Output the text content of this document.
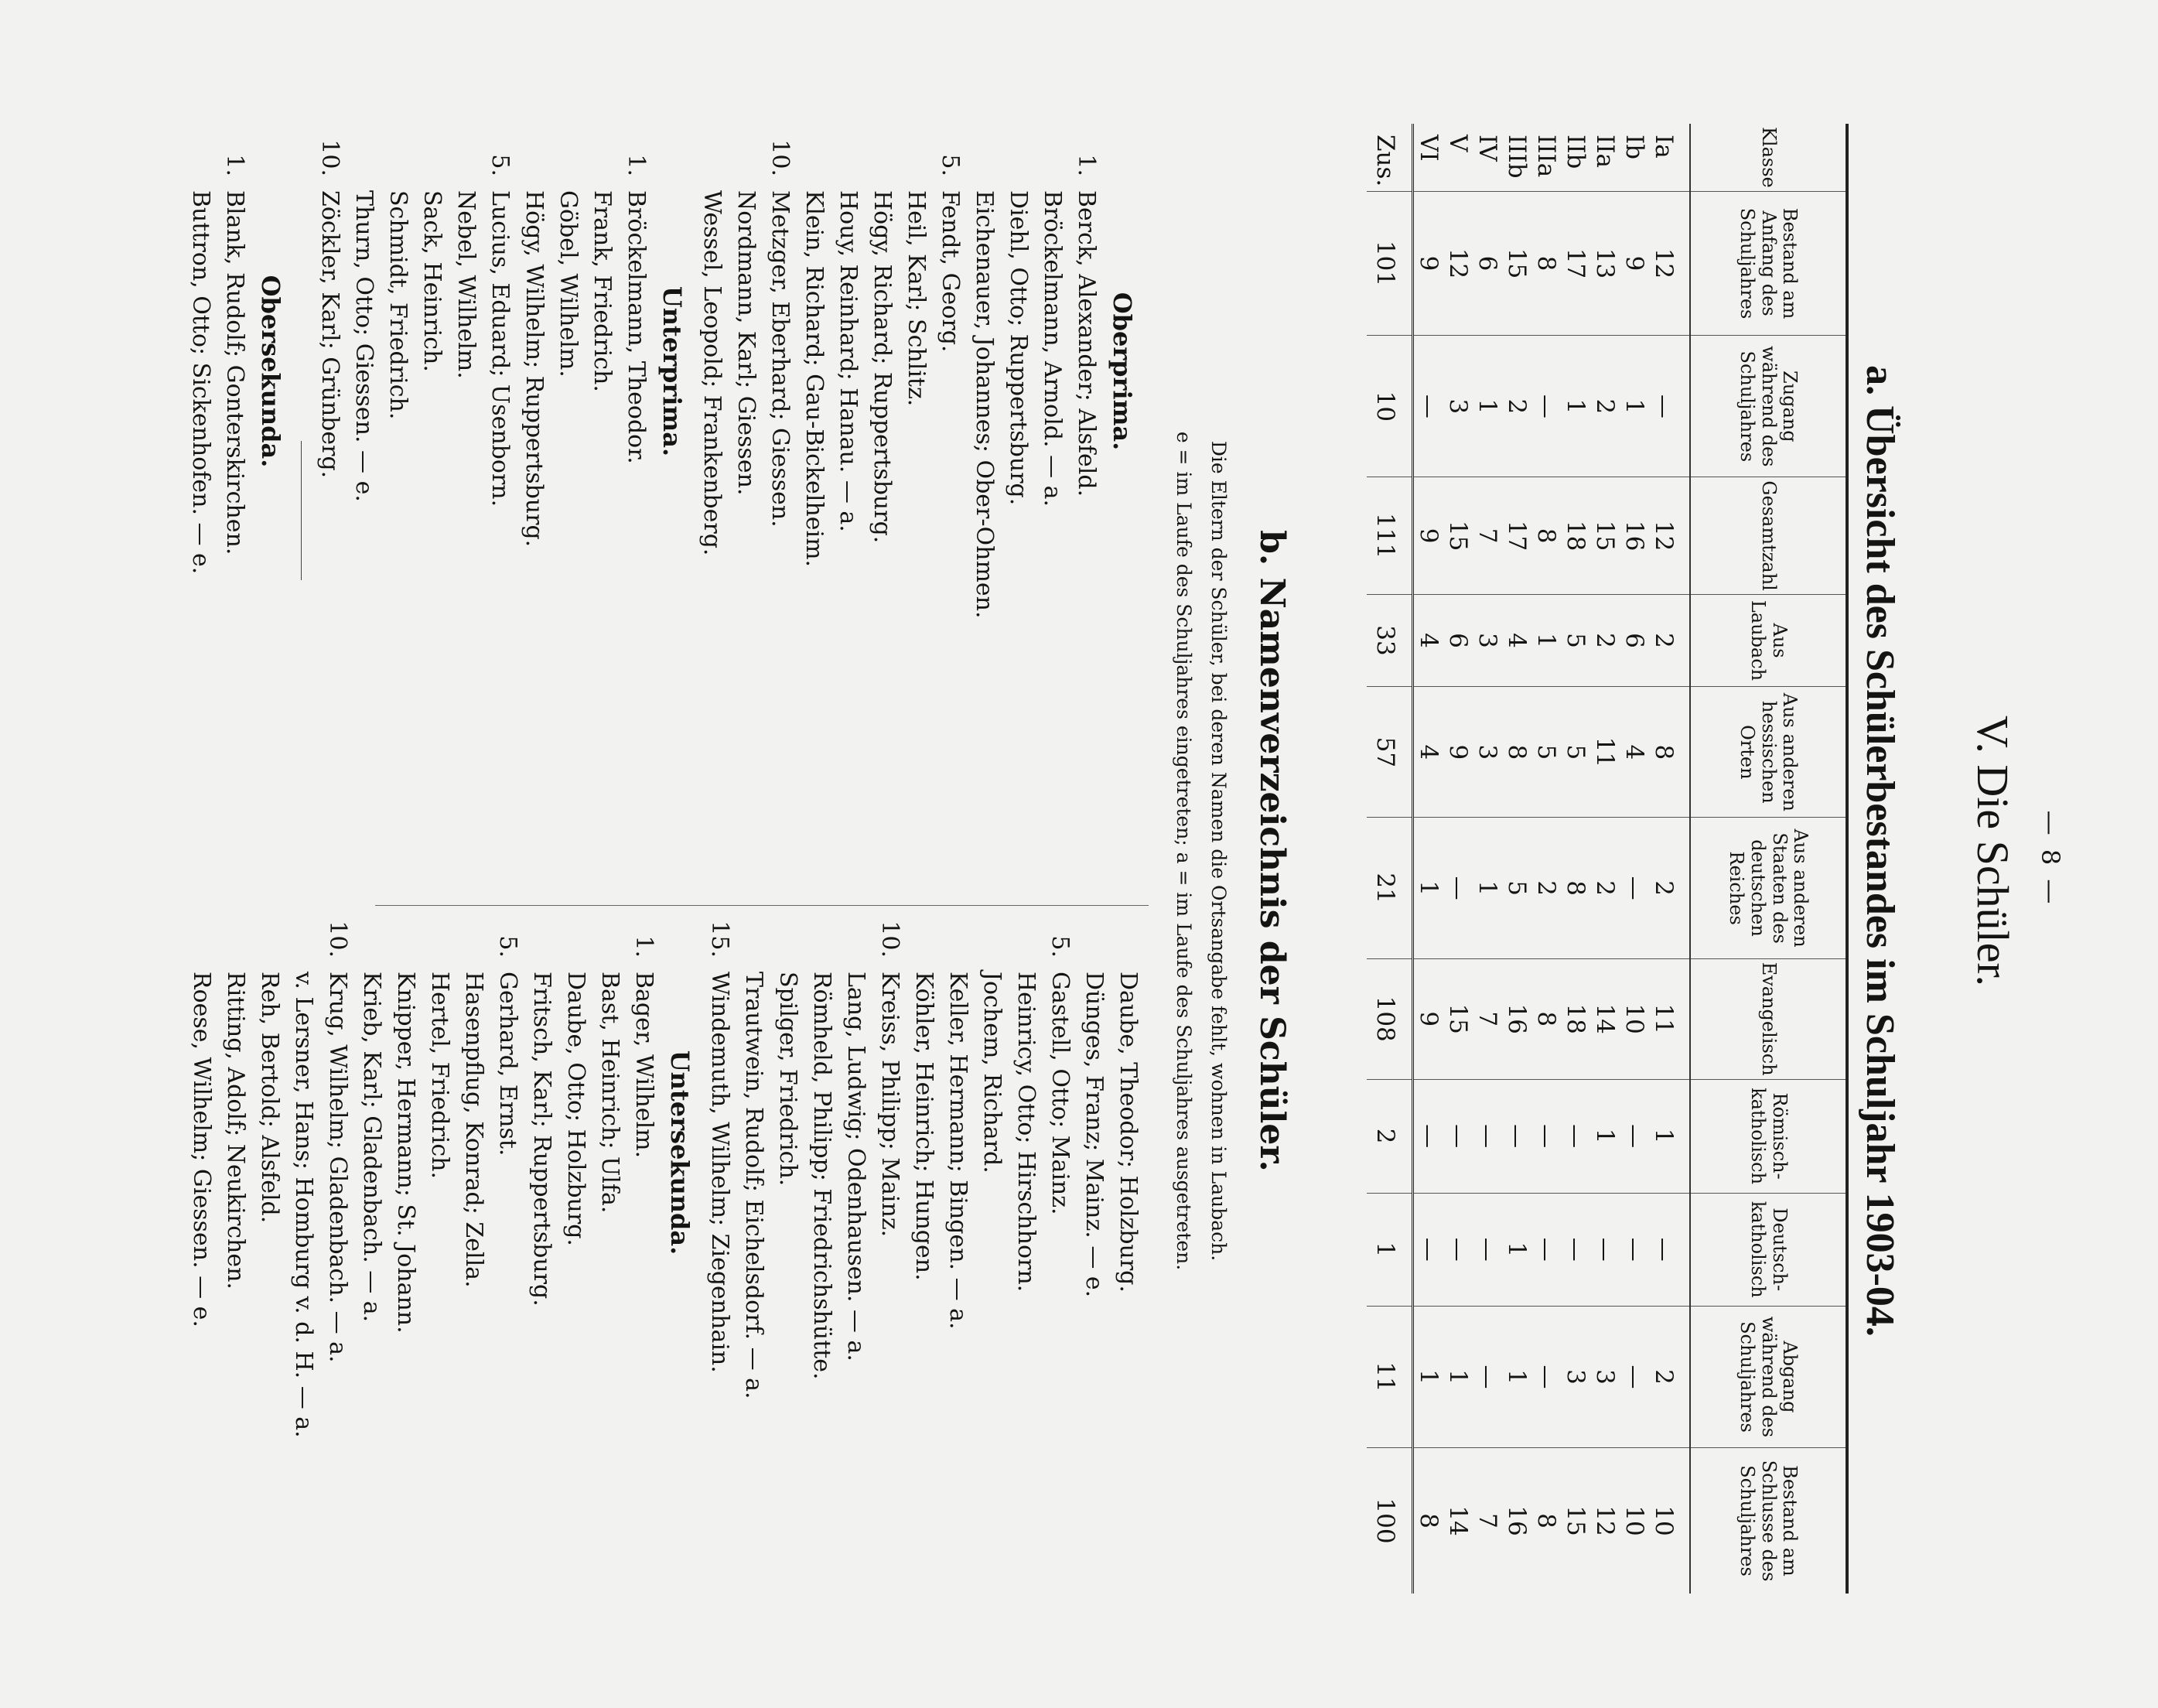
— 8 —
V. Die Schüler.
a. Übersicht des Schülerbestandes im Schuljahr 1903-04.
Klasse	Bestand am Anfang des Schuljahres	Zugang während des Schuljahres	Gesamtzahl	Aus Laubach	Aus anderen hessischen Orten	Aus anderen Staaten des deutschen Reiches	Evangelisch	Römisch-katholisch	Deutsch-katholisch	Abgang während des Schuljahres	Bestand am Schlusse des Schuljahres
Ia	12	—	12	2	8	2	11	1	—	2	10
Ib	9	1	16	6	4	—	10	—	—	—	10
IIa	13	2	15	2	11	2	14	1	—	3	12
IIb	17	1	18	5	5	8	18	—	—	3	15
IIIa	8	—	8	1	5	2	8	—	—	—	8
IIIb	15	2	17	4	8	5	16	—	1	1	16
IV	6	1	7	3	3	1	7	—	—	—	7
V	12	3	15	6	9	—	15	—	—	1	14
VI	9	—	9	4	4	1	9	—	—	1	8
Zus.	101	10	111	33	57	21	108	2	1	11	100
b. Namenverzeichnis der Schüler.
Die Eltern der Schüler, bei deren Namen die Ortsangabe fehlt, wohnen in Laubach.
e = im Laufe des Schuljahres eingetreten; a = im Laufe des Schuljahres ausgetreten.
Oberprima.
1.
Berck, Alexander; Alsfeld.
Bröckelmann, Arnold. — a.
Diehl, Otto; Ruppertsburg.
Eichenauer, Johannes; Ober-Ohmen.
5.
Fendt, Georg.
Heil, Karl; Schlitz.
Högy, Richard; Ruppertsburg.
Houy, Reinhard; Hanau. — a.
Klein, Richard; Gau-Bickelheim.
10.
Metzger, Eberhard; Giessen.
Nordmann, Karl; Giessen.
Wessel, Leopold; Frankenberg.
Unterprima.
1.
Bröckelmann, Theodor.
Frank, Friedrich.
Göbel, Wilhelm.
Högy, Wilhelm; Ruppertsburg.
5.
Lucius, Eduard; Usenborn.
Nebel, Wilhelm.
Sack, Heinrich.
Schmidt, Friedrich.
Thurn, Otto; Giessen. — e.
10.
Zöckler, Karl; Grünberg.
Obersekunda.
1.
Blank, Rudolf; Gonterskirchen.
Buttron, Otto; Sickenhofen. — e.
Daube, Theodor; Holzburg.
Dünges, Franz; Mainz. — e.
5.
Gastell, Otto; Mainz.
Heinricy, Otto; Hirschhorn.
Jochem, Richard.
Keller, Hermann; Bingen. — a.
Köhler, Heinrich; Hungen.
10.
Kreiss, Philipp; Mainz.
Lang, Ludwig; Odenhausen. — a.
Römheld, Philipp; Friedrichshütte.
Spilger, Friedrich.
Trautwein, Rudolf; Eichelsdorf. — a.
15.
Windemuth, Wilhelm; Ziegenhain.
Untersekunda.
1.
Bager, Wilhelm.
Bast, Heinrich; Ulfa.
Daube, Otto; Holzburg.
Fritsch, Karl; Ruppertsburg.
5.
Gerhard, Ernst.
Hasenpflug, Konrad; Zella.
Hertel, Friedrich.
Knipper, Hermann; St. Johann.
Krieb, Karl; Gladenbach. — a.
10.
Krug, Wilhelm; Gladenbach. — a.
v. Lersner, Hans; Homburg v. d. H. — a.
Reh, Bertold; Alsfeld.
Ritting, Adolf; Neukirchen.
Roese, Wilhelm; Giessen. — e.
